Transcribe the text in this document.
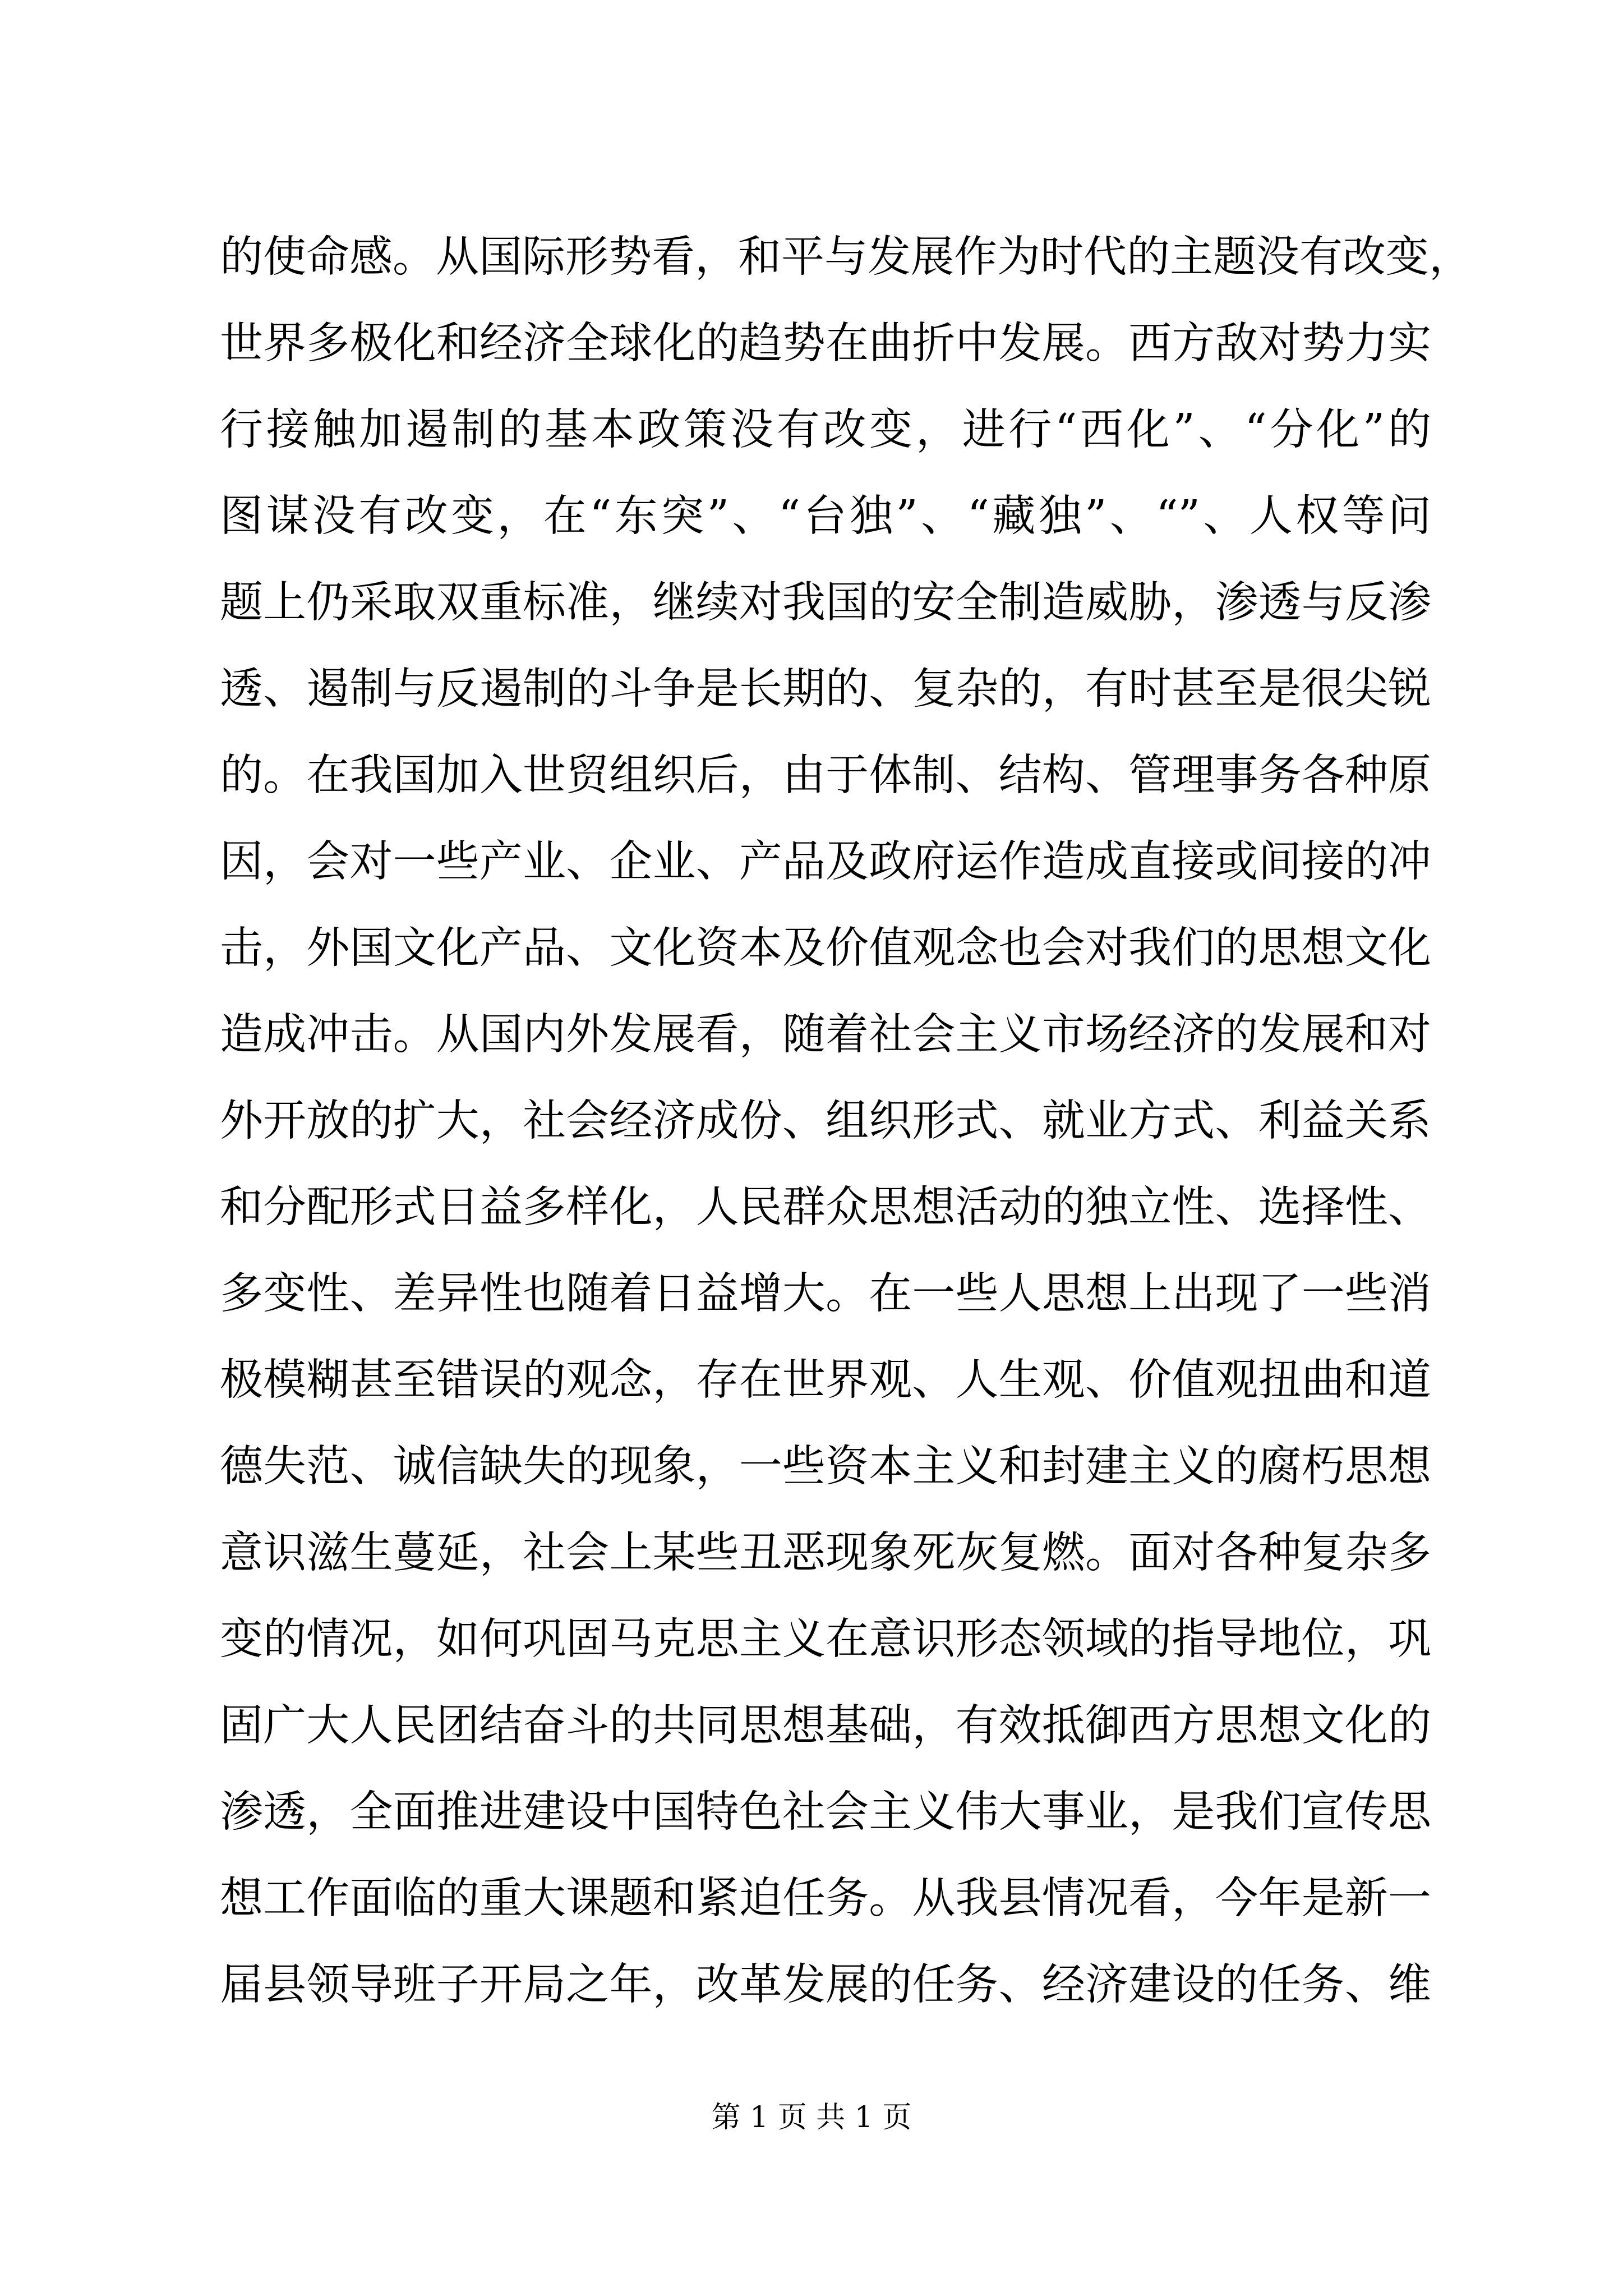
的使命感。从国际形势看，和平与发展作为时代的主题没有改变，
世界多极化和经济全球化的趋势在曲折中发展。西方敌对势力实
行接触加遏制的基本政策没有改变，进行“西化”、“分化”的
图谋没有改变，在“东突”、“台独”、“藏独”、“”、人权等问
题上仍采取双重标准，继续对我国的安全制造威胁，渗透与反渗
透、遏制与反遏制的斗争是长期的、复杂的，有时甚至是很尖锐
的。在我国加入世贸组织后，由于体制、结构、管理事务各种原
因，会对一些产业、企业、产品及政府运作造成直接或间接的冲
击，外国文化产品、文化资本及价值观念也会对我们的思想文化
造成冲击。从国内外发展看，随着社会主义市场经济的发展和对
外开放的扩大，社会经济成份、组织形式、就业方式、利益关系
和分配形式日益多样化，人民群众思想活动的独立性、选择性、
多变性、差异性也随着日益增大。在一些人思想上出现了一些消
极模糊甚至错误的观念，存在世界观、人生观、价值观扭曲和道
德失范、诚信缺失的现象，一些资本主义和封建主义的腐朽思想
意识滋生蔓延，社会上某些丑恶现象死灰复燃。面对各种复杂多
变的情况，如何巩固马克思主义在意识形态领域的指导地位，巩
固广大人民团结奋斗的共同思想基础，有效抵御西方思想文化的
渗透，全面推进建设中国特色社会主义伟大事业，是我们宣传思
想工作面临的重大课题和紧迫任务。从我县情况看，今年是新一
届县领导班子开局之年，改革发展的任务、经济建设的任务、维
第 1 页 共 1 页
